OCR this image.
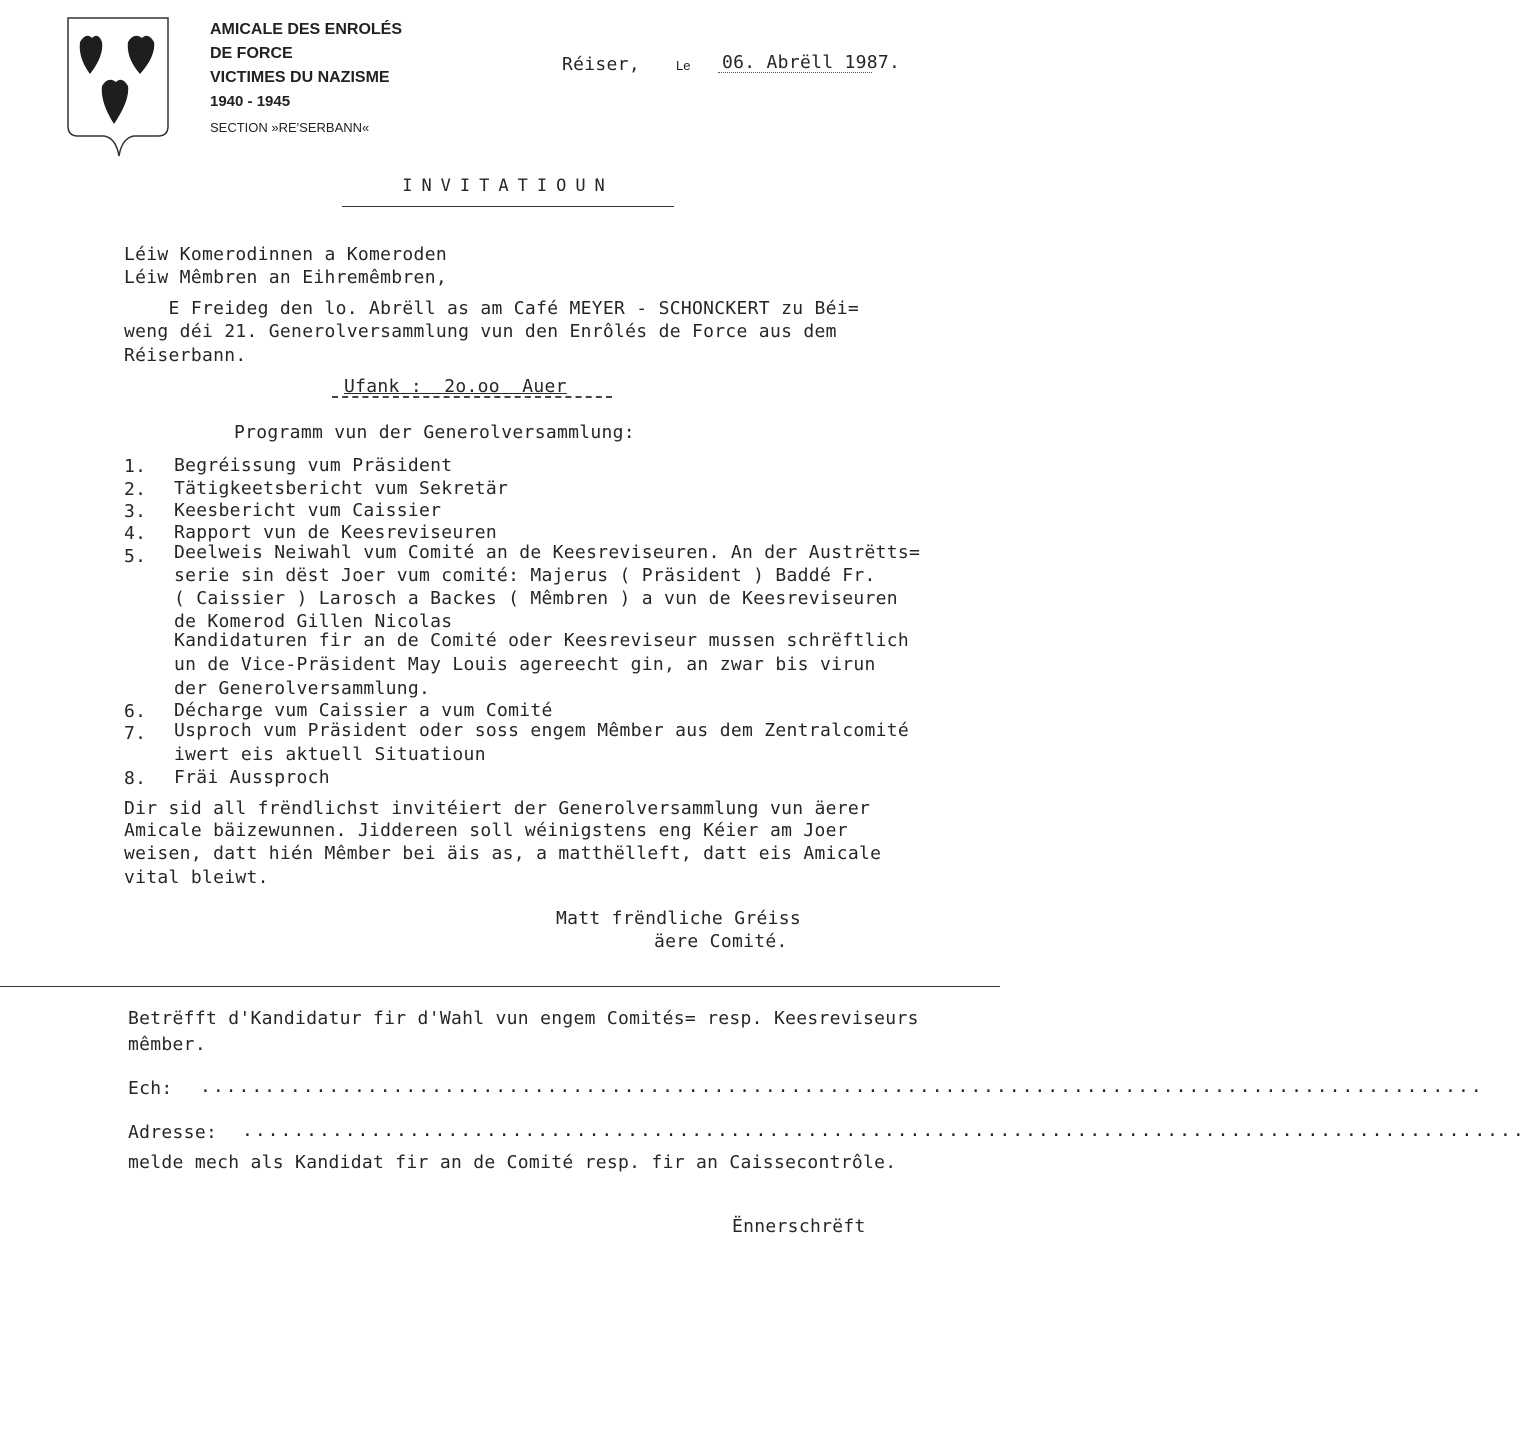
AMICALE DES ENROLÉS
DE FORCE
VICTIMES DU NAZISME
1940 - 1945
SECTION »RE'SERBANN«
Réiser,	Le 06. Abrëll 1987.
INVITATIOUN
Léiw Komerodinnen a Komeroden
Léiw Mêmbren an Eihremêmbren,
E Freideg den lo. Abrëll as am Café MEYER - SCHONCKERT zu Béi=
weng déi 21. Generolversammlung vun den Enrôlés de Force aus dem
Réiserbann.
Ufank :  2o.oo  Auer
Programm vun der Generolversammlung:
1. Begréissung vum Präsident
2. Tätigkeetsbericht vum Sekretär
3. Keesbericht vum Caissier
4. Rapport vun de Keesreviseuren
5. Deelweis Neiwahl vum Comité an de Keesreviseuren. An der Austrëtts=
serie sin dëst Joer vum comité: Majerus ( Präsident ) Baddé Fr.
( Caissier ) Larosch a Backes ( Mêmbren ) a vun de Keesreviseuren
de Komerod Gillen Nicolas
Kandidaturen fir an de Comité oder Keesreviseur mussen schrëftlich
un de Vice-Präsident May Louis agereecht gin, an zwar bis virun
der Generolversammlung.
6. Décharge vum Caissier a vum Comité
7. Usproch vum Präsident oder soss engem Mêmber aus dem Zentralcomité
iwert eis aktuell Situatioun
8. Fräi Aussproch
Dir sid all frëndlichst invitéiert der Generolversammlung vun äerer
Amicale bäizewunnen. Jiddereen soll wéinigstens eng Kéier am Joer
weisen, datt hién Mêmber bei äis as, a matthëlleft, datt eis Amicale
vital bleiwt.
Matt frëndliche Gréiss
äere Comité.
Betrëfft d'Kandidatur fir d'Wahl vun engem Comités= resp. Keesreviseurs
mêmber.
Ech: ....................................................................................................
Adresse: ....................................................................................................
melde mech als Kandidat fir an de Comité resp. fir an Caissecontrôle.
Ënnerschrëft
